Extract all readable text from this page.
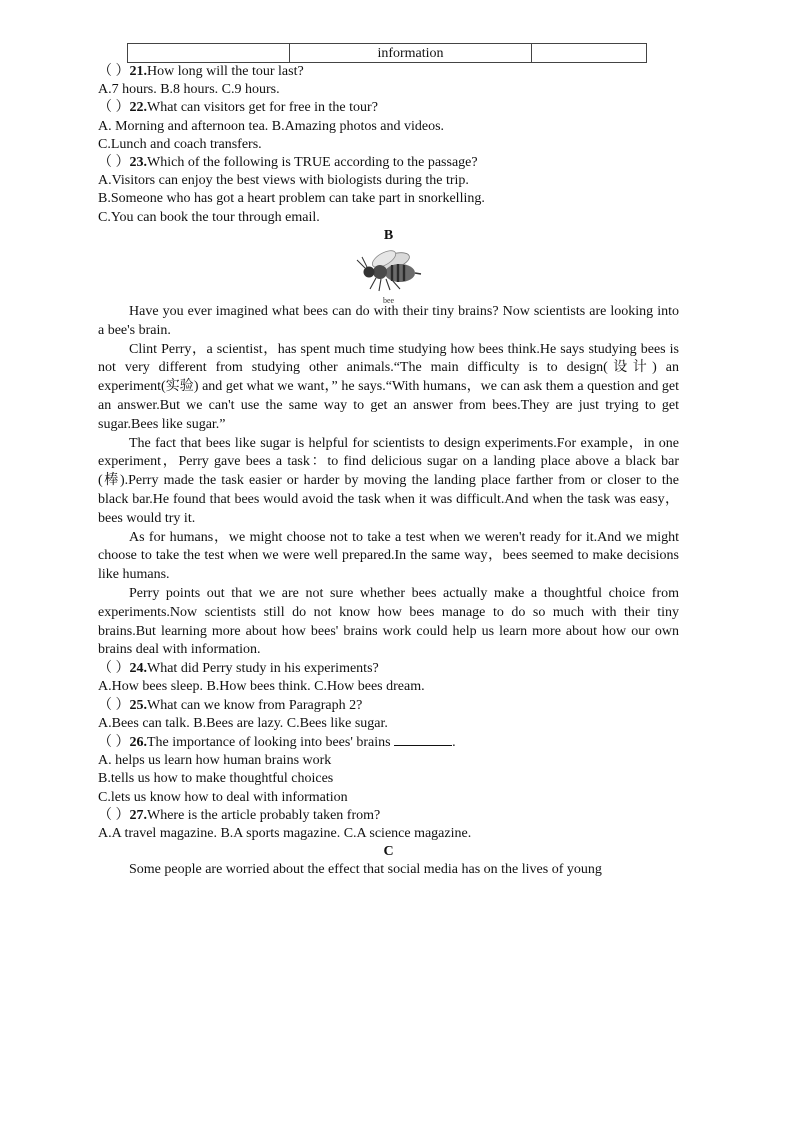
information
（ ）21.How long will the tour last?
A.7 hours. B.8 hours. C.9 hours.
（ ）22.What can visitors get for free in the tour?
A. Morning and afternoon tea. B.Amazing photos and videos.
C.Lunch and coach transfers.
（ ）23.Which of the following is TRUE according to the passage?
A.Visitors can enjoy the best views with biologists during the trip.
B.Someone who has got a heart problem can take part in snorkelling.
C.You can book the tour through email.
B
bee

Have you ever imagined what bees can do with their tiny brains? Now scientists are looking into a bee's brain.

Clint Perry，a scientist，has spent much time studying how bees think.He says studying bees is not very different from studying other animals.“The main difficulty is to design(设计) an experiment(实验) and get what we want，” he says.“With humans，we can ask them a question and get an answer.But we can't use the same way to get an answer from bees.They are just trying to get sugar.Bees like sugar.”

The fact that bees like sugar is helpful for scientists to design experiments.For example，in one experiment，Perry gave bees a task：to find delicious sugar on a landing place above a black bar (棒).Perry made the task easier or harder by moving the landing place farther from or closer to the black bar.He found that bees would avoid the task when it was difficult.And when the task was easy，bees would try it.

As for humans，we might choose not to take a test when we weren't ready for it.And we might choose to take the test when we were well prepared.In the same way，bees seemed to make decisions like humans.

Perry points out that we are not sure whether bees actually make a thoughtful choice from experiments.Now scientists still do not know how bees manage to do so much with their tiny brains.But learning more about how bees' brains work could help us learn more about how our own brains deal with information.

（ ）24.What did Perry study in his experiments?
A.How bees sleep. B.How bees think. C.How bees dream.
（ ）25.What can we know from Paragraph 2?
A.Bees can talk. B.Bees are lazy. C.Bees like sugar.
（ ）26.The importance of looking into bees' brains	.
A. helps us learn how human brains work
B.tells us how to make thoughtful choices
C.lets us know how to deal with information
（ ）27.Where is the article probably taken from?
A.A travel magazine. B.A sports magazine. C.A science magazine.
C

Some people are worried about the effect that social media has on the lives of young
